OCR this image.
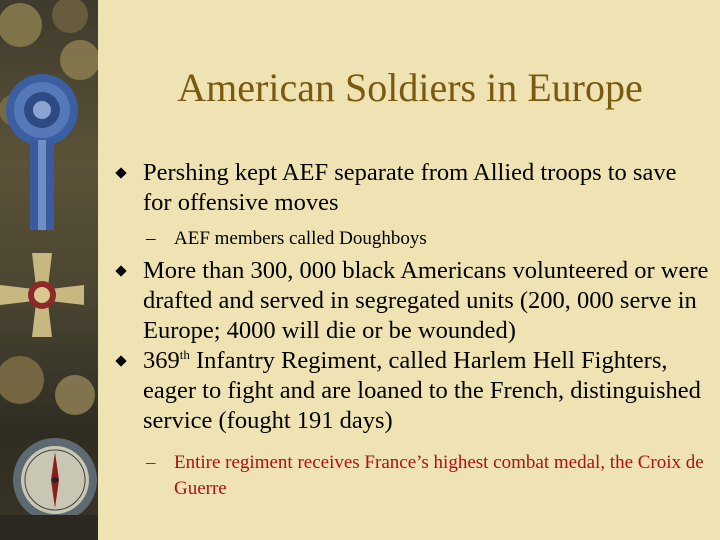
American Soldiers in Europe
Pershing kept AEF separate from Allied troops to save for offensive moves
– AEF members called Doughboys
More than 300, 000 black Americans volunteered or were drafted and served in segregated units (200, 000 serve in Europe; 4000 will die or be wounded)
369th Infantry Regiment, called Harlem Hell Fighters, eager to fight and are loaned to the French, distinguished service (fought 191 days)
– Entire regiment receives France’s highest combat medal, the Croix de Guerre
